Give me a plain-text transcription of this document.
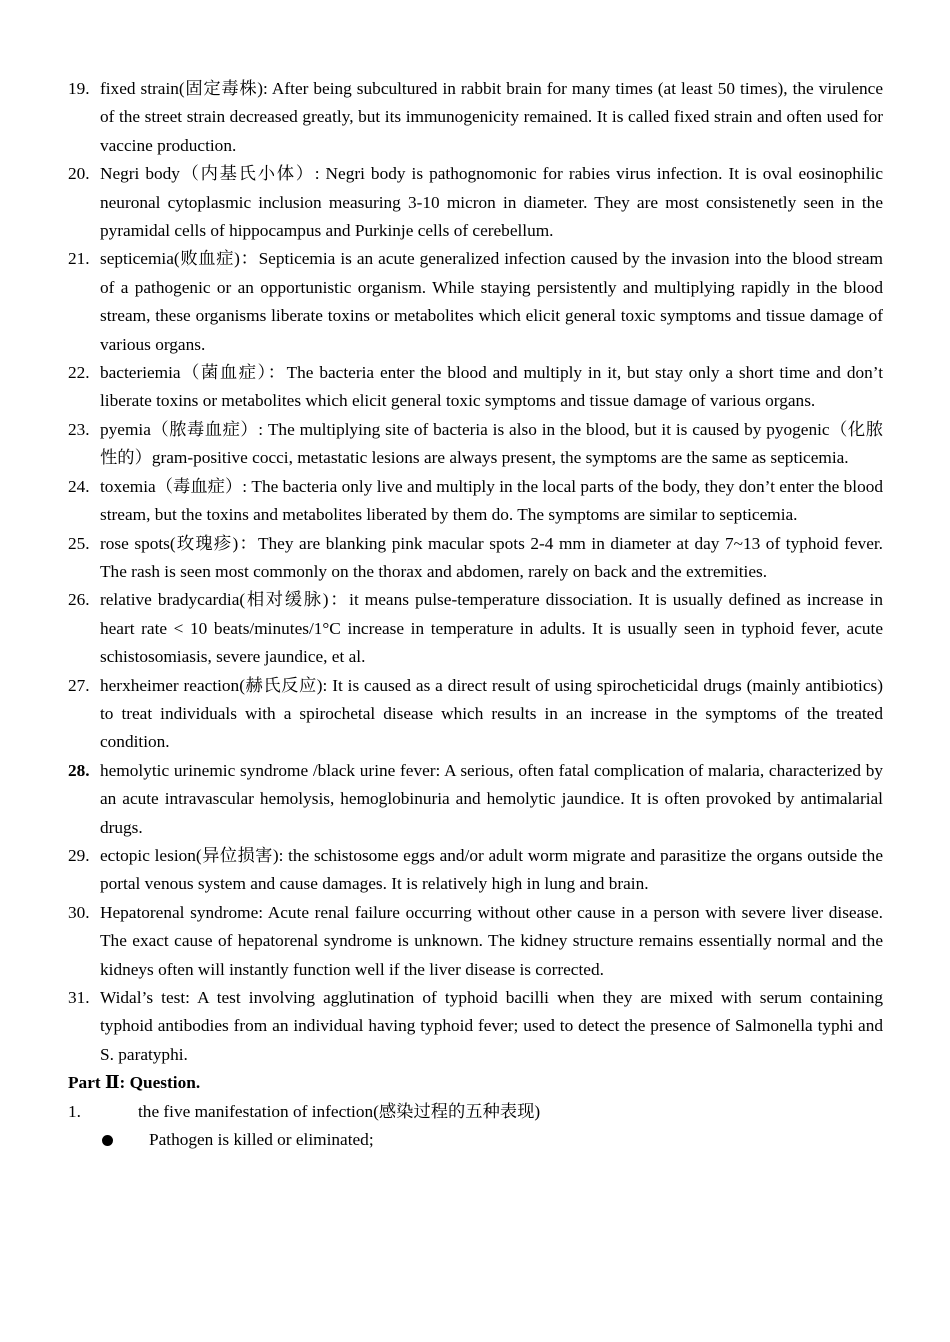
19. fixed strain(固定毒株): After being subcultured in rabbit brain for many times (at least 50 times), the virulence of the street strain decreased greatly, but its immunogenicity remained. It is called fixed strain and often used for vaccine production.
20. Negri body（内基氏小体）: Negri body is pathognomonic for rabies virus infection. It is oval eosinophilic neuronal cytoplasmic inclusion measuring 3-10 micron in diameter. They are most consistenetly seen in the pyramidal cells of hippocampus and Purkinje cells of cerebellum.
21. septicemia(败血症)：Septicemia is an acute generalized infection caused by the invasion into the blood stream of a pathogenic or an opportunistic organism. While staying persistently and multiplying rapidly in the blood stream, these organisms liberate toxins or metabolites which elicit general toxic symptoms and tissue damage of various organs.
22. bacteriemia（菌血症）：The bacteria enter the blood and multiply in it, but stay only a short time and don’t liberate toxins or metabolites which elicit general toxic symptoms and tissue damage of various organs.
23. pyemia（脓毒血症）: The multiplying site of bacteria is also in the blood, but it is caused by pyogenic（化脓性的）gram-positive cocci, metastatic lesions are always present, the symptoms are the same as septicemia.
24. toxemia（毒血症）: The bacteria only live and multiply in the local parts of the body, they don’t enter the blood stream, but the toxins and metabolites liberated by them do. The symptoms are similar to septicemia.
25. rose spots(玫瑰疹)：They are blanking pink macular spots 2-4 mm in diameter at day 7~13 of typhoid fever. The rash is seen most commonly on the thorax and abdomen, rarely on back and the extremities.
26. relative bradycardia(相对缓脉)：it means pulse-temperature dissociation. It is usually defined as increase in heart rate < 10 beats/minutes/1°C increase in temperature in adults. It is usually seen in typhoid fever, acute schistosomiasis, severe jaundice, et al.
27. herxheimer reaction(赫氏反应): It is caused as a direct result of using spirocheticidal drugs (mainly antibiotics) to treat individuals with a spirochetal disease which results in an increase in the symptoms of the treated condition.
28. hemolytic urinemic syndrome /black urine fever: A serious, often fatal complication of malaria, characterized by an acute intravascular hemolysis, hemoglobinuria and hemolytic jaundice. It is often provoked by antimalarial drugs.
29. ectopic lesion(异位损害): the schistosome eggs and/or adult worm migrate and parasitize the organs outside the portal venous system and cause damages. It is relatively high in lung and brain.
30. Hepatorenal syndrome: Acute renal failure occurring without other cause in a person with severe liver disease. The exact cause of hepatorenal syndrome is unknown. The kidney structure remains essentially normal and the kidneys often will instantly function well if the liver disease is corrected.
31. Widal’s test: A test involving agglutination of typhoid bacilli when they are mixed with serum containing typhoid antibodies from an individual having typhoid fever; used to detect the presence of Salmonella typhi and S. paratyphi.
Part Ⅱ: Question.
1.	the five manifestation of infection(感染过程的五种表现)
Pathogen is killed or eliminated;
